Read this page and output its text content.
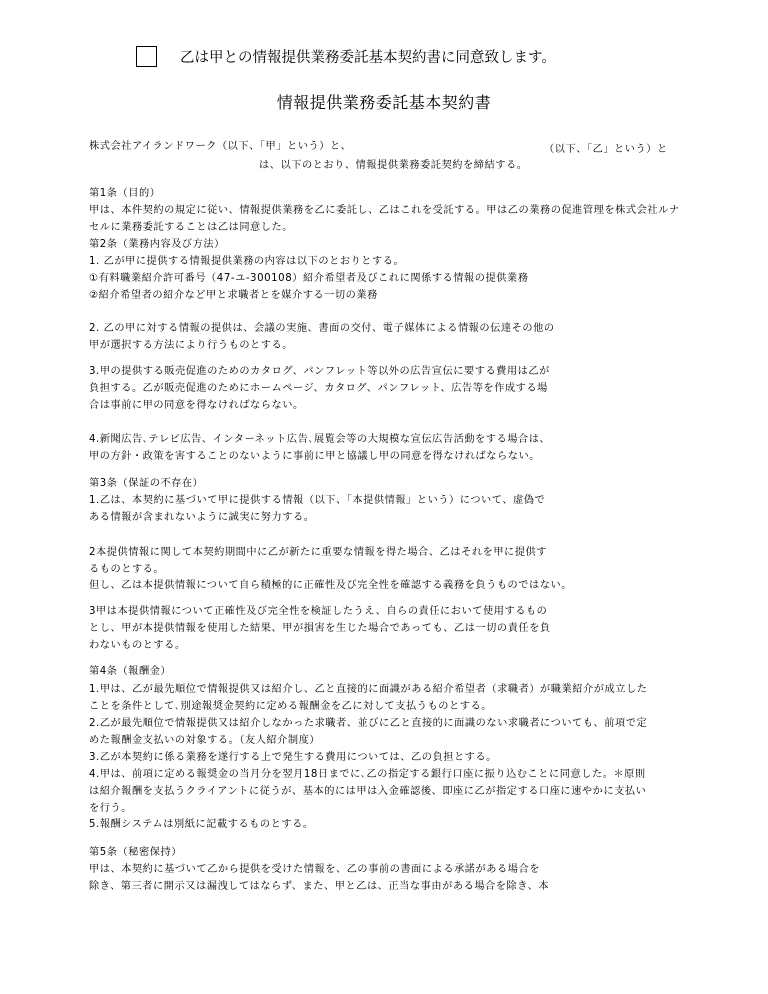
乙は甲との情報提供業務委託基本契約書に同意致します。
情報提供業務委託基本契約書
株式会社アイランドワーク（以下、「甲」という）と、	（以下、「乙」という）と
は、以下のとおり、情報提供業務委託契約を締結する。
第1条（目的）
甲は、本件契約の規定に従い、情報提供業務を乙に委託し、乙はこれを受託する。甲は乙の業務の促進管理を株式会社ルナ
セルに業務委託することは乙は同意した。
第2条（業務内容及び方法）
1. 乙が甲に提供する情報提供業務の内容は以下のとおりとする。
①有料職業紹介許可番号（47-ユ-300108）紹介希望者及びこれに関係する情報の提供業務
②紹介希望者の紹介など甲と求職者とを媒介する一切の業務
2. 乙の甲に対する情報の提供は、会議の実施、書面の交付、電子媒体による情報の伝達その他の
甲が選択する方法により行うものとする。
3.甲の提供する販売促進のためのカタログ、パンフレット等以外の広告宣伝に要する費用は乙が
負担する。乙が販売促進のためにホームページ、カタログ、パンフレット、広告等を作成する場
合は事前に甲の同意を得なければならない。
4.新聞広告､テレビ広告、インターネット広告､展覧会等の大規模な宣伝広告活動をする場合は、
甲の方針・政策を害することのないように事前に甲と協議し甲の同意を得なければならない。
第3条（保証の不存在）
1.乙は、本契約に基づいて甲に提供する情報（以下、「本提供情報」という）について、虚偽で
ある情報が含まれないように誠実に努力する。
2本提供情報に関して本契約期間中に乙が新たに重要な情報を得た場合、乙はそれを甲に提供す
るものとする。
但し、乙は本提供情報について自ら積極的に正確性及び完全性を確認する義務を負うものではない。
3甲は本提供情報について正確性及び完全性を検証したうえ、自らの責任において使用するもの
とし、甲が本提供情報を使用した結果、甲が損害を生じた場合であっても、乙は一切の責任を負
わないものとする。
第4条（報酬金）
1.甲は、乙が最先順位で情報提供又は紹介し、乙と直接的に面識がある紹介希望者（求職者）が職業紹介が成立した
ことを条件として､別途報奨金契約に定める報酬金を乙に対して支払うものとする。
2.乙が最先順位で情報提供又は紹介しなかった求職者、並びに乙と直接的に面識のない求職者についても、前項で定
めた報酬金支払いの対象する。（友人紹介制度）
3.乙が本契約に係る業務を遂行する上で発生する費用については、乙の負担とする。
4.甲は、前項に定める報奨金の当月分を翌月18日までに､乙の指定する銀行口座に振り込むことに同意した。＊原則
は紹介報酬を支払うクライアントに従うが、基本的には甲は入金確認後、即座に乙が指定する口座に速やかに支払い
を行う。
5.報酬システムは別紙に記載するものとする。
第5条（秘密保持）
甲は、本契約に基づいて乙から提供を受けた情報を、乙の事前の書面による承諾がある場合を
除き、第三者に開示又は漏洩してはならず、また、甲と乙は、正当な事由がある場合を除き、本
